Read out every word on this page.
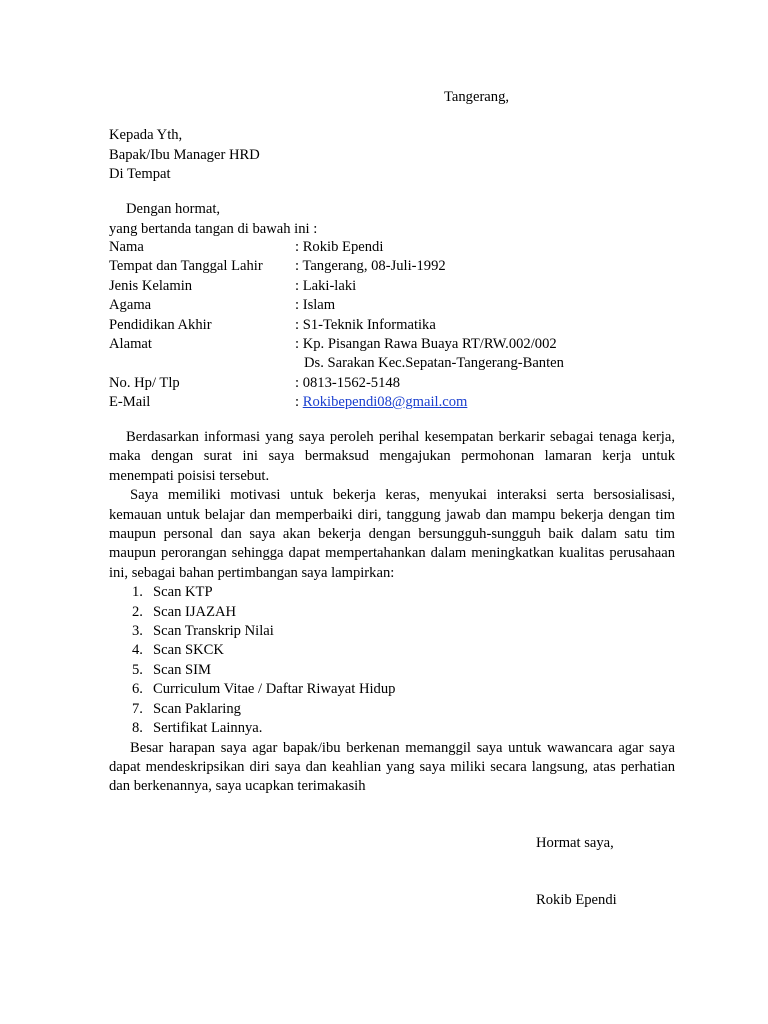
Tangerang,
Kepada Yth,
Bapak/Ibu Manager HRD
Di Tempat
Dengan hormat,
yang bertanda tangan di bawah ini :
Nama	: Rokib Ependi
Tempat dan Tanggal Lahir	: Tangerang, 08-Juli-1992
Jenis Kelamin	: Laki-laki
Agama	: Islam
Pendidikan Akhir	: S1-Teknik Informatika
Alamat	: Kp. Pisangan Rawa Buaya RT/RW.002/002
Ds. Sarakan Kec.Sepatan-Tangerang-Banten
No. Hp/ Tlp	: 0813-1562-5148
E-Mail	: Rokibependi08@gmail.com

Berdasarkan informasi yang saya peroleh perihal kesempatan berkarir sebagai tenaga kerja, maka dengan surat ini saya bermaksud mengajukan permohonan lamaran kerja untuk menempati poisisi tersebut.

Saya memiliki motivasi untuk bekerja keras, menyukai interaksi serta bersosialisasi, kemauan untuk belajar dan memperbaiki diri, tanggung jawab dan mampu bekerja dengan tim maupun personal dan saya akan bekerja dengan bersungguh-sungguh baik dalam satu tim maupun perorangan sehingga dapat mempertahankan dalam meningkatkan kualitas perusahaan ini, sebagai bahan pertimbangan saya lampirkan:

1. Scan KTP
2. Scan IJAZAH
3. Scan Transkrip Nilai
4. Scan SKCK
5. Scan SIM
6. Curriculum Vitae / Daftar Riwayat Hidup
7. Scan Paklaring
8. Sertifikat Lainnya.

Besar harapan saya agar bapak/ibu berkenan memanggil saya untuk wawancara agar saya dapat mendeskripsikan diri saya dan keahlian yang saya miliki secara langsung, atas perhatian dan berkenannya, saya ucapkan terimakasih

Hormat saya,
Rokib Ependi
